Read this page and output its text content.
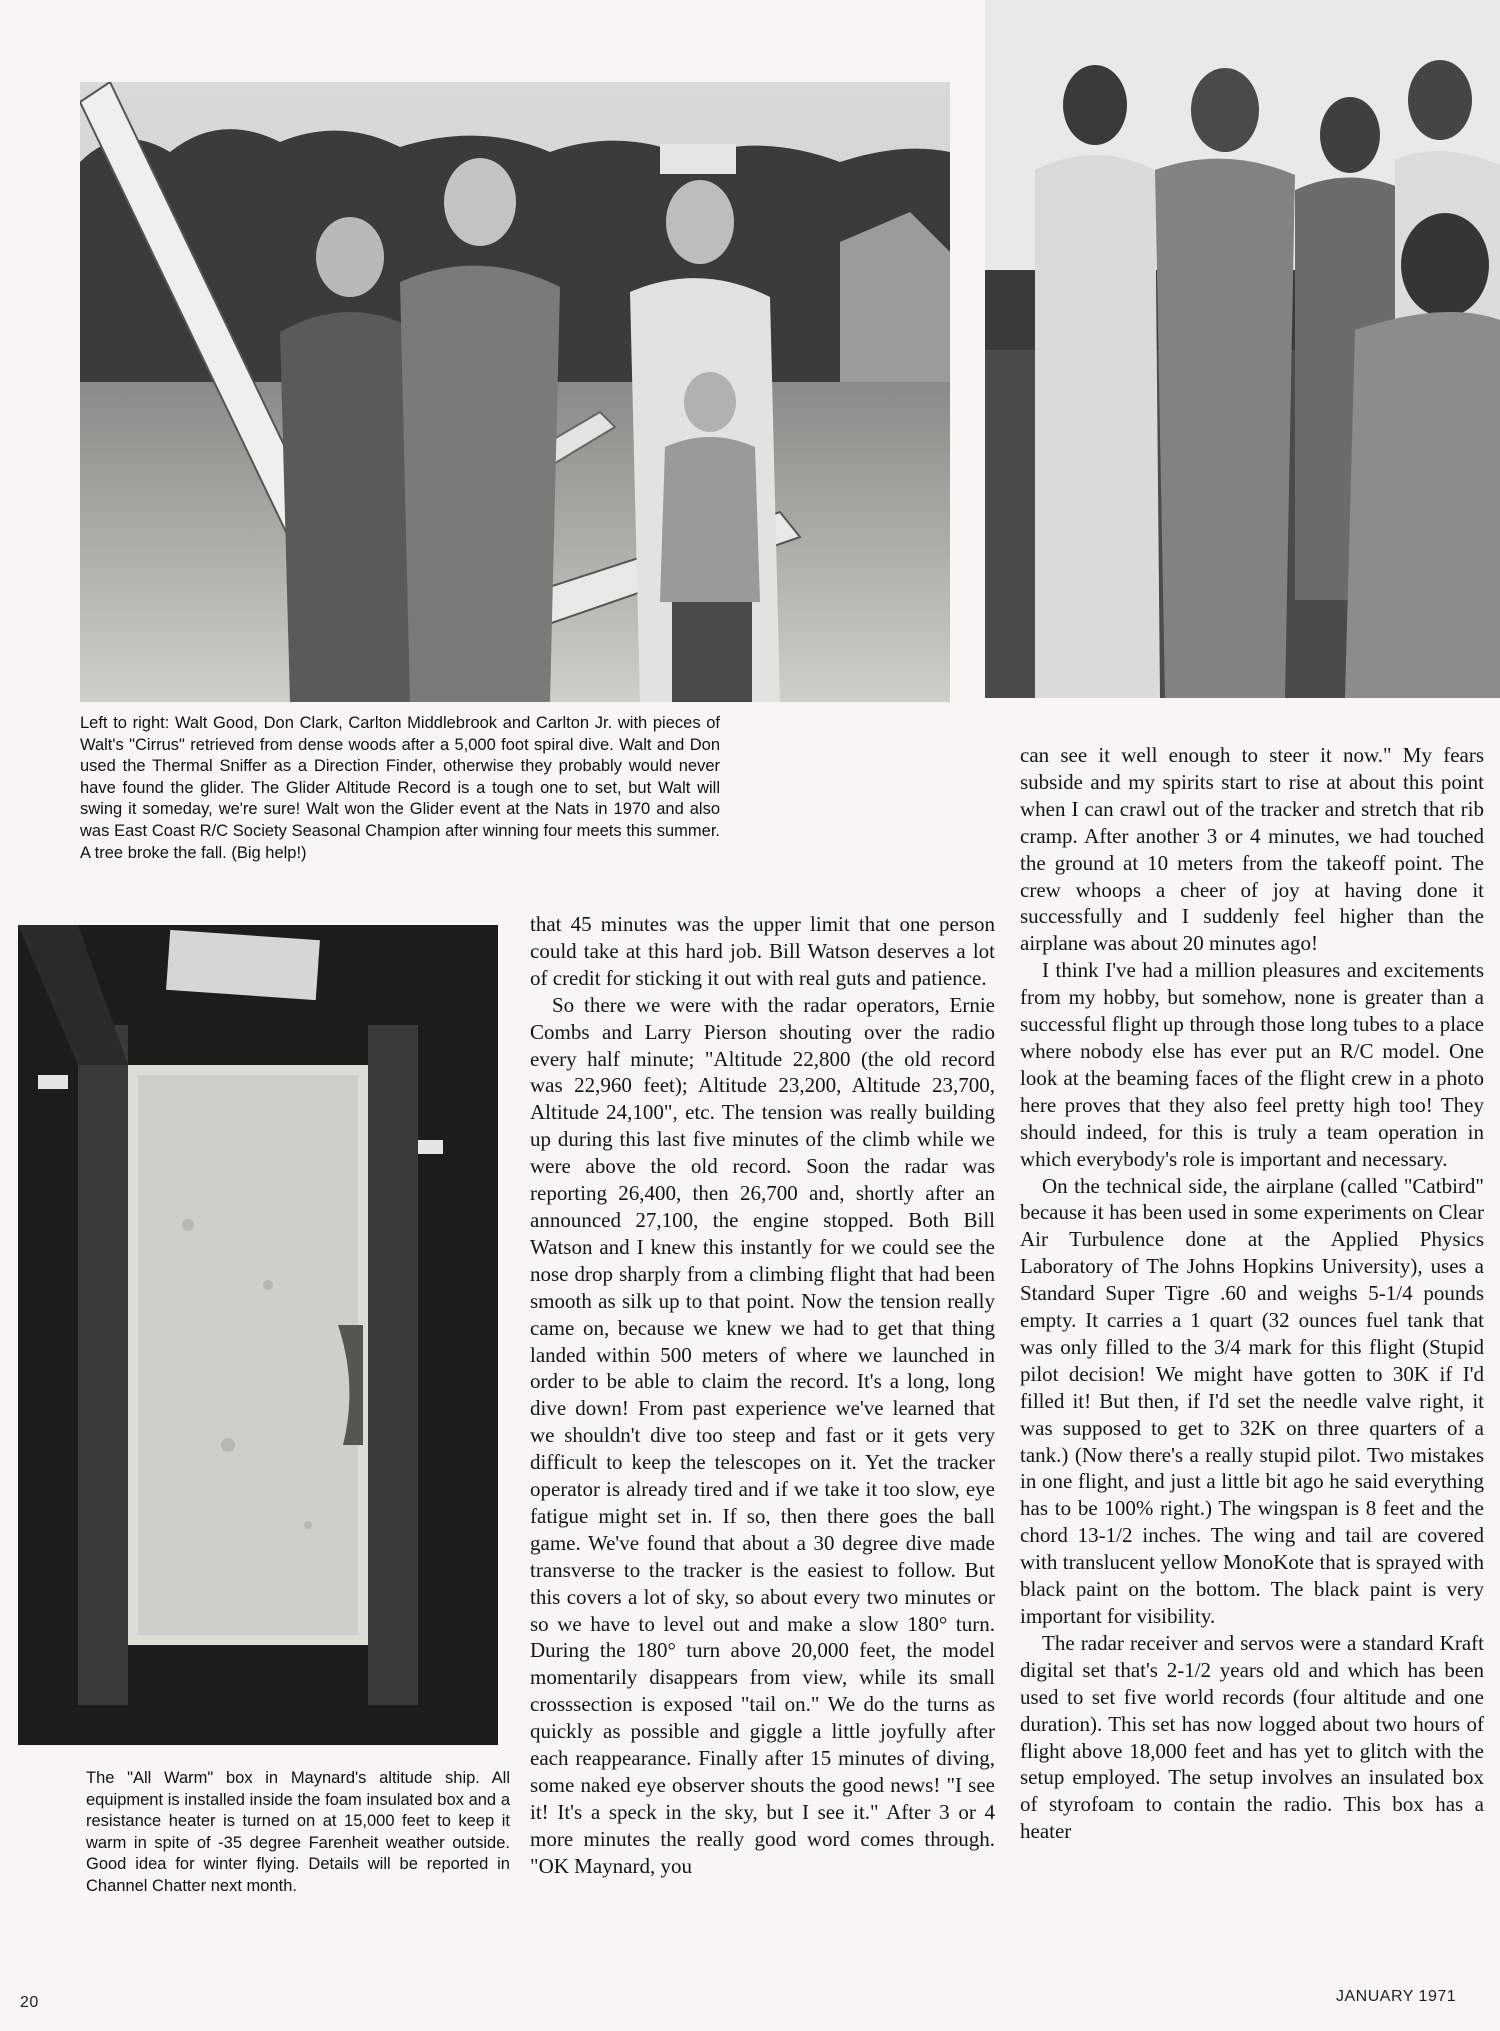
Left to right: Walt Good, Don Clark, Carlton Middlebrook and Carlton Jr. with pieces of Walt's "Cirrus" retrieved from dense woods after a 5,000 foot spiral dive. Walt and Don used the Thermal Sniffer as a Direction Finder, otherwise they probably would never have found the glider. The Glider Altitude Record is a tough one to set, but Walt will swing it someday, we're sure! Walt won the Glider event at the Nats in 1970 and also was East Coast R/C Society Seasonal Champion after winning four meets this summer. A tree broke the fall. (Big help!)
The "All Warm" box in Maynard's altitude ship. All equipment is installed inside the foam insulated box and a resistance heater is turned on at 15,000 feet to keep it warm in spite of -35 degree Farenheit weather outside. Good idea for winter flying. Details will be reported in Channel Chatter next month.

that 45 minutes was the upper limit that one person could take at this hard job. Bill Watson deserves a lot of credit for sticking it out with real guts and patience.

So there we were with the radar operators, Ernie Combs and Larry Pierson shouting over the radio every half minute; "Altitude 22,800 (the old record was 22,960 feet); Altitude 23,200, Altitude 23,700, Altitude 24,100", etc. The tension was really building up during this last five minutes of the climb while we were above the old record. Soon the radar was reporting 26,400, then 26,700 and, shortly after an announced 27,100, the engine stopped. Both Bill Watson and I knew this instantly for we could see the nose drop sharply from a climbing flight that had been smooth as silk up to that point. Now the tension really came on, because we knew we had to get that thing landed within 500 meters of where we launched in order to be able to claim the record. It's a long, long dive down! From past experience we've learned that we shouldn't dive too steep and fast or it gets very difficult to keep the telescopes on it. Yet the tracker operator is already tired and if we take it too slow, eye fatigue might set in. If so, then there goes the ball game. We've found that about a 30 degree dive made transverse to the tracker is the easiest to follow. But this covers a lot of sky, so about every two minutes or so we have to level out and make a slow 180° turn. During the 180° turn above 20,000 feet, the model momentarily disappears from view, while its small crosssection is exposed "tail on." We do the turns as quickly as possible and giggle a little joyfully after each reappearance. Finally after 15 minutes of diving, some naked eye observer shouts the good news! "I see it! It's a speck in the sky, but I see it." After 3 or 4 more minutes the really good word comes through. "OK Maynard, you

can see it well enough to steer it now." My fears subside and my spirits start to rise at about this point when I can crawl out of the tracker and stretch that rib cramp. After another 3 or 4 minutes, we had touched the ground at 10 meters from the takeoff point. The crew whoops a cheer of joy at having done it successfully and I suddenly feel higher than the airplane was about 20 minutes ago!

I think I've had a million pleasures and excitements from my hobby, but somehow, none is greater than a successful flight up through those long tubes to a place where nobody else has ever put an R/C model. One look at the beaming faces of the flight crew in a photo here proves that they also feel pretty high too! They should indeed, for this is truly a team operation in which everybody's role is important and necessary.

On the technical side, the airplane (called "Catbird" because it has been used in some experiments on Clear Air Turbulence done at the Applied Physics Laboratory of The Johns Hopkins University), uses a Standard Super Tigre .60 and weighs 5-1/4 pounds empty. It carries a 1 quart (32 ounces fuel tank that was only filled to the 3/4 mark for this flight (Stupid pilot decision! We might have gotten to 30K if I'd filled it! But then, if I'd set the needle valve right, it was supposed to get to 32K on three quarters of a tank.) (Now there's a really stupid pilot. Two mistakes in one flight, and just a little bit ago he said everything has to be 100% right.) The wingspan is 8 feet and the chord 13-1/2 inches. The wing and tail are covered with translucent yellow MonoKote that is sprayed with black paint on the bottom. The black paint is very important for visibility.

The radar receiver and servos were a standard Kraft digital set that's 2-1/2 years old and which has been used to set five world records (four altitude and one duration). This set has now logged about two hours of flight above 18,000 feet and has yet to glitch with the setup employed. The setup involves an insulated box of styrofoam to contain the radio. This box has a heater

20	JANUARY 1971
